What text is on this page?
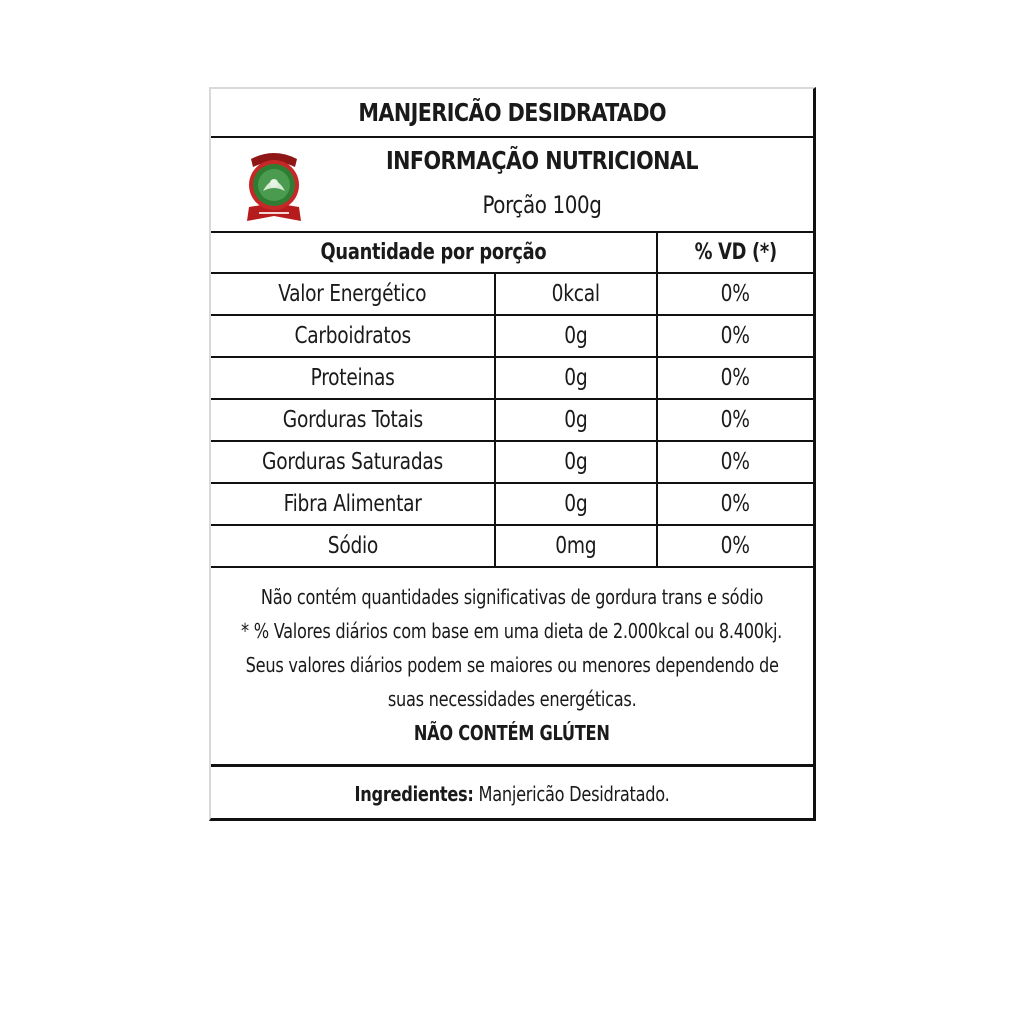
MANJERICÃO DESIDRATADO
INFORMAÇÃO NUTRICIONAL
Porção 100g
Quantidade por porção	% VD (*)
Valor Energético	0kcal	0%
Carboidratos	0g	0%
Proteinas	0g	0%
Gorduras Totais	0g	0%
Gorduras Saturadas	0g	0%
Fibra Alimentar	0g	0%
Sódio	0mg	0%
Não contém quantidades significativas de gordura trans e sódio
* % Valores diários com base em uma dieta de 2.000kcal ou 8.400kj.
Seus valores diários podem se maiores ou menores dependendo de
suas necessidades energéticas.
NÃO CONTÉM GLÚTEN
Ingredientes: Manjericão Desidratado.
